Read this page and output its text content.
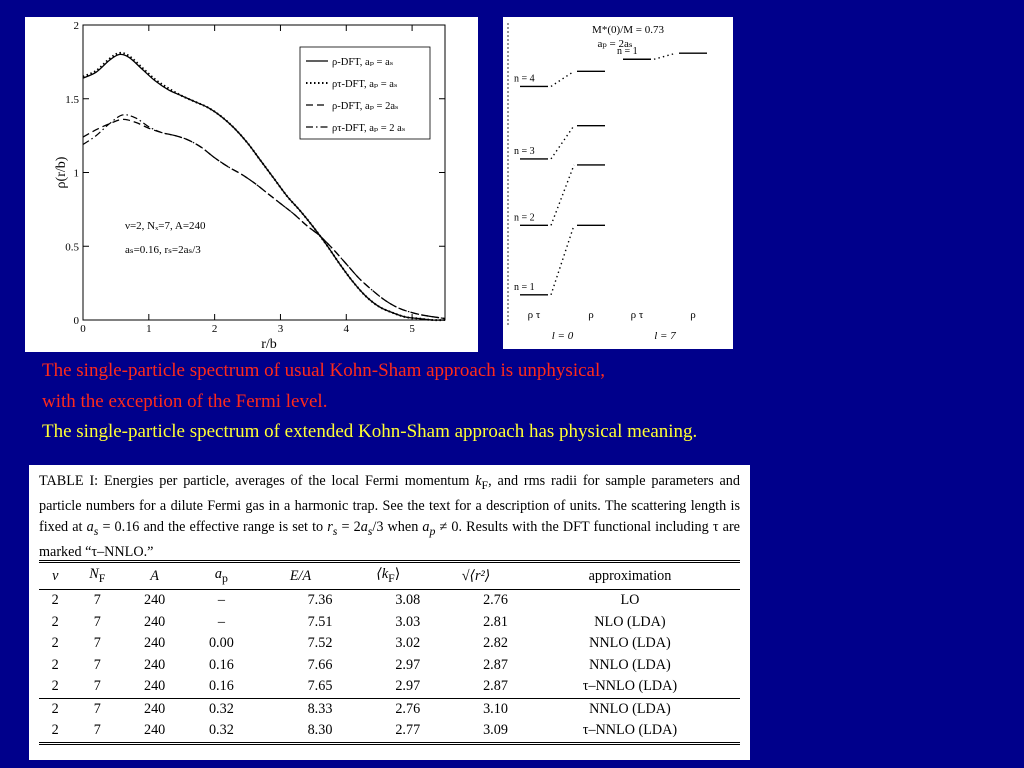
0	1	2	3	4	5
0
0.5
1
1.5
2
r/b
ρ(r/b)
ρ-DFT, aₚ = aₛ
ρτ-DFT, aₚ = aₛ
ρ-DFT, aₚ = 2aₛ
ρτ-DFT, aₚ = 2 aₛ
ν=2, Nₓ=7, A=240
aₛ=0.16, rₛ=2aₛ/3
M*(0)/M = 0.73
aₚ = 2aₛ
n = 1
n = 2
n = 3
n = 4
ρ τ	ρ
l = 0
n = 1
ρ τ	ρ
l = 7
The single-particle spectrum of usual Kohn-Sham approach is unphysical,
with the exception of the Fermi level.
The single-particle spectrum of extended Kohn-Sham approach has physical meaning.
TABLE I: Energies per particle, averages of the local Fermi momentum $k_F$, and rms radii for sample parameters and particle numbers for a dilute Fermi gas in a harmonic trap. See the text for a description of units. The scattering length is fixed at $a_s = 0.16$ and the effective range is set to $r_s = 2a_s/3$ when $a_p \ne 0$. Results with the DFT functional including τ are marked “τ–NNLO.”
ν	$N_F$	A	$a_p$	E/A	$⟨k_F⟩$	√⟨r²⟩	approximation
2	7	240	–	7.36	3.08	2.76	LO
2	7	240	–	7.51	3.03	2.81	NLO (LDA)
2	7	240	0.00	7.52	3.02	2.82	NNLO (LDA)
2	7	240	0.16	7.66	2.97	2.87	NNLO (LDA)
2	7	240	0.16	7.65	2.97	2.87	τ–NNLO (LDA)
2	7	240	0.32	8.33	2.76	3.10	NNLO (LDA)
2	7	240	0.32	8.30	2.77	3.09	τ–NNLO (LDA)
